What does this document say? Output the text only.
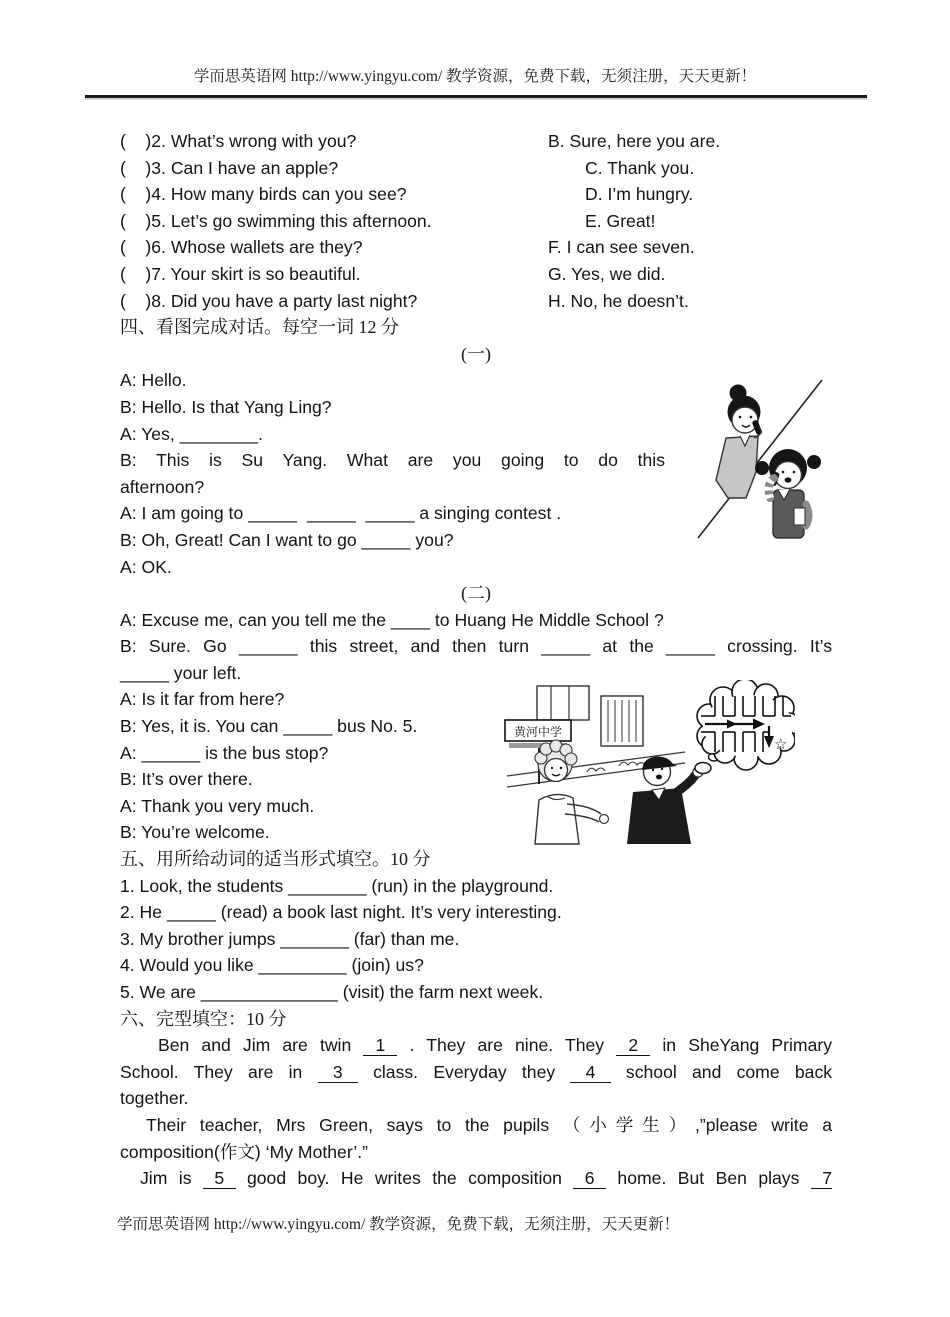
学而思英语网 http://www.yingyu.com/ 教学资源，免费下载，无须注册，天天更新！
(    )2. What’s wrong with you?	B. Sure, here you are.
(    )3. Can I have an apple?	C. Thank you.
(    )4. How many birds can you see?	D. I’m hungry.
(    )5. Let’s go swimming this afternoon.	E. Great!
(    )6. Whose wallets are they?	F. I can see seven.
(    )7. Your skirt is so beautiful.	G. Yes, we did.
(    )8. Did you have a party last night?	H. No, he doesn’t.
四、看图完成对话。每空一词 12 分
(一)
A: Hello.
B: Hello. Is that Yang Ling?
A: Yes, ________.
B: This is Su Yang. What are you going to do this
afternoon?
A: I am going to _____  _____  _____ a singing contest .
B: Oh, Great! Can I want to go _____ you?
A: OK.
(二)
A: Excuse me, can you tell me the ____ to Huang He Middle School ?
B: Sure. Go ______ this street, and then turn _____ at the _____ crossing. It’s
_____ your left.
A: Is it far from here?
B: Yes, it is. You can _____ bus No. 5.
A: ______ is the bus stop?
B: It’s over there.
A: Thank you very much.
B: You’re welcome.
五、用所给动词的适当形式填空。10 分
1. Look, the students ________ (run) in the playground.
2. He _____ (read) a book last night. It’s very interesting.
3. My brother jumps _______ (far) than me.
4. Would you like _________ (join) us?
5. We are ______________ (visit) the farm next week.
六、完型填空：10 分
Ben and Jim are twin  1  . They are nine. They  2  in SheYang Primary
School. They are in  3  class. Everyday they  4  school and come back
together.
Their teacher, Mrs Green, says to the pupils （小学生）,”please write a
composition(作文) ‘My Mother’.”
Jim is  5  good boy. He writes the composition  6  home. But Ben plays  7
黄河中学
☆
学而思英语网 http://www.yingyu.com/ 教学资源，免费下载，无须注册，天天更新！
